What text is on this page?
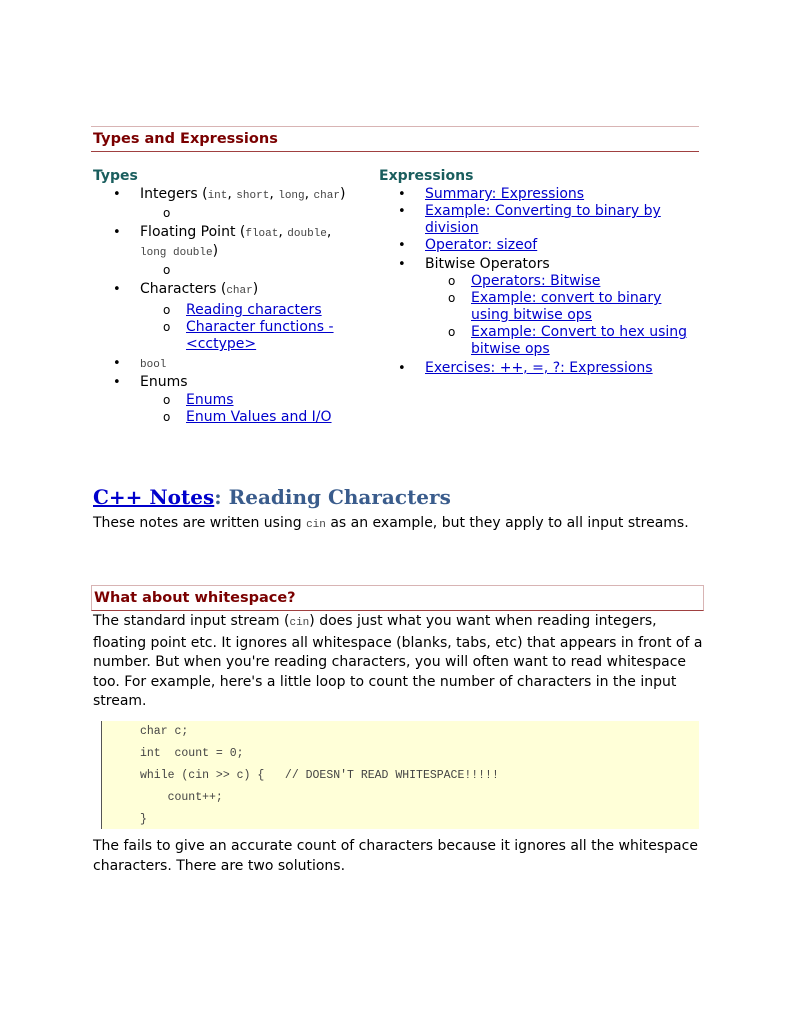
Types and Expressions
Types
• Integers (int, short, long, char)
o
• Floating Point (float, double,
long double)
o
• Characters (char)
o Reading characters
o Character functions - <cctype>
• bool
• Enums
o Enums
o Enum Values and I/O
Expressions
• Summary: Expressions
• Example: Converting to binary by division
• Operator: sizeof
• Bitwise Operators
o Operators: Bitwise
o Example: convert to binary using bitwise ops
o Example: Convert to hex using bitwise ops
• Exercises: ++, =, ?: Expressions
C++ Notes: Reading Characters
These notes are written using cin as an example, but they apply to all input streams.
What about whitespace?
The standard input stream (cin) does just what you want when reading integers, floating point etc. It ignores all whitespace (blanks, tabs, etc) that appears in front of a number. But when you're reading characters, you will often want to read whitespace too. For example, here's a little loop to count the number of characters in the input stream.
char c;
int  count = 0;
while (cin >> c) {   // DOESN'T READ WHITESPACE!!!!!
count++;
}
The fails to give an accurate count of characters because it ignores all the whitespace characters. There are two solutions.
